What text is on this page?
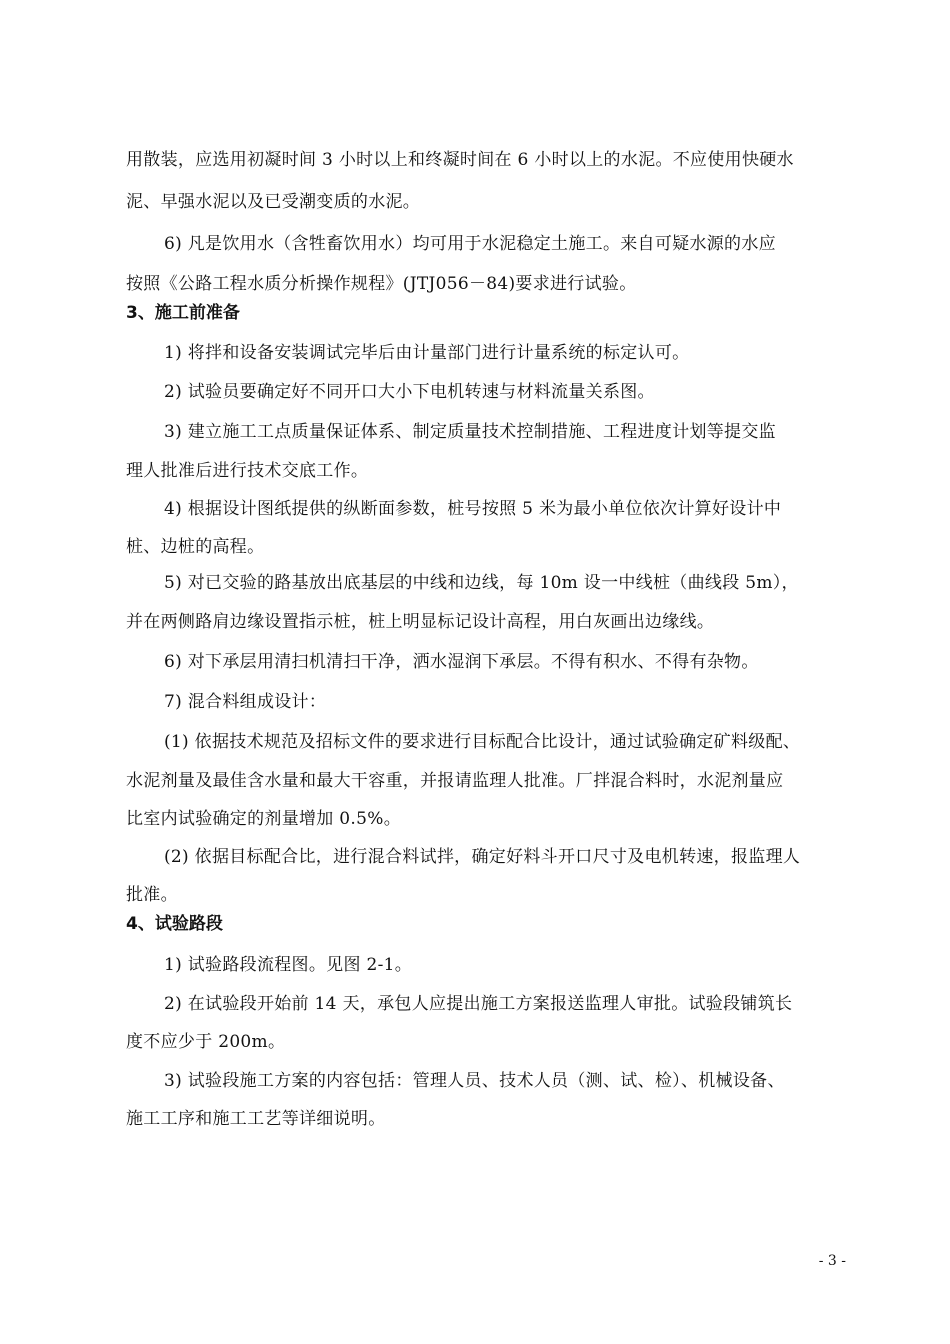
用散装，应选用初凝时间 3 小时以上和终凝时间在 6 小时以上的水泥。不应使用快硬水
泥、早强水泥以及已受潮变质的水泥。
6) 凡是饮用水（含牲畜饮用水）均可用于水泥稳定土施工。来自可疑水源的水应
按照《公路工程水质分析操作规程》(JTJ056－84)要求进行试验。
3、施工前准备
1) 将拌和设备安装调试完毕后由计量部门进行计量系统的标定认可。
2) 试验员要确定好不同开口大小下电机转速与材料流量关系图。
3) 建立施工工点质量保证体系、制定质量技术控制措施、工程进度计划等提交监
理人批准后进行技术交底工作。
4) 根据设计图纸提供的纵断面参数，桩号按照 5 米为最小单位依次计算好设计中
桩、边桩的高程。
5) 对已交验的路基放出底基层的中线和边线，每 10m 设一中线桩（曲线段 5m），
并在两侧路肩边缘设置指示桩，桩上明显标记设计高程，用白灰画出边缘线。
6) 对下承层用清扫机清扫干净，洒水湿润下承层。不得有积水、不得有杂物。
7) 混合料组成设计：
(1) 依据技术规范及招标文件的要求进行目标配合比设计，通过试验确定矿料级配、
水泥剂量及最佳含水量和最大干容重，并报请监理人批准。厂拌混合料时，水泥剂量应
比室内试验确定的剂量增加 0.5%。
(2) 依据目标配合比，进行混合料试拌，确定好料斗开口尺寸及电机转速，报监理人
批准。
4、试验路段
1) 试验路段流程图。见图 2-1。
2) 在试验段开始前 14 天，承包人应提出施工方案报送监理人审批。试验段铺筑长
度不应少于 200m。
3) 试验段施工方案的内容包括：管理人员、技术人员（测、试、检）、机械设备、
施工工序和施工工艺等详细说明。
- 3 -
